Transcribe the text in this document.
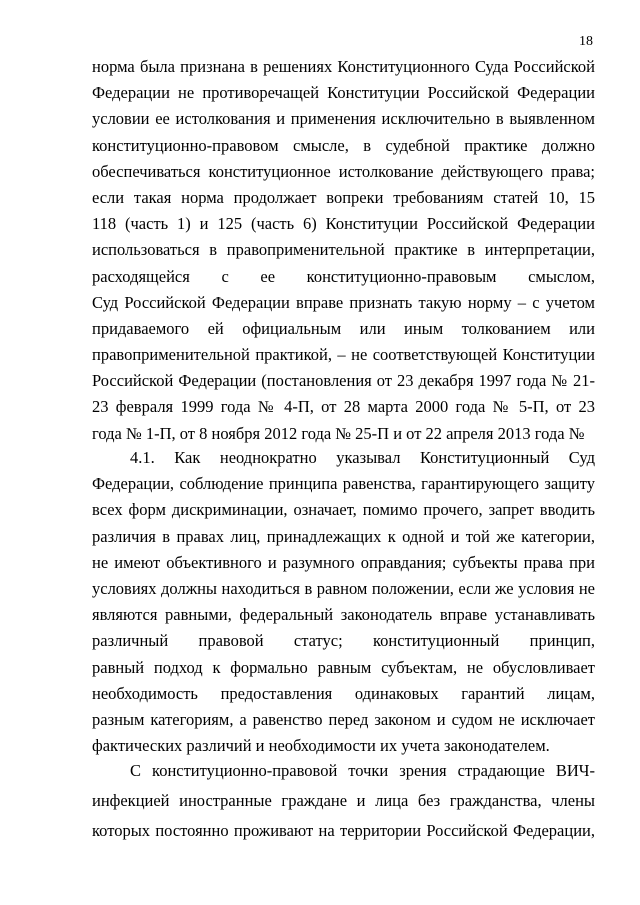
18
норма была признана в решениях Конституционного Суда Российской
Федерации не противоречащей Конституции Российской Федерации
условии ее истолкования и применения исключительно в выявленном
конституционно-правовом смысле, в судебной практике должно
обеспечиваться конституционное истолкование действующего права;
если такая норма продолжает вопреки требованиям статей 10, 15
118 (часть 1) и 125 (часть 6) Конституции Российской Федерации
использоваться в правоприменительной практике в интерпретации,
расходящейся с ее конституционно-правовым смыслом,
Суд Российской Федерации вправе признать такую норму – с учетом
придаваемого ей официальным или иным толкованием или
правоприменительной практикой, – не соответствующей Конституции
Российской Федерации (постановления от 23 декабря 1997 года № 21-
23 февраля 1999 года № 4-П, от 28 марта 2000 года № 5-П, от 23
года № 1-П, от 8 ноября 2012 года № 25-П и от 22 апреля 2013 года №
4.1. Как неоднократно указывал Конституционный Суд
Федерации, соблюдение принципа равенства, гарантирующего защиту
всех форм дискриминации, означает, помимо прочего, запрет вводить
различия в правах лиц, принадлежащих к одной и той же категории,
не имеют объективного и разумного оправдания; субъекты права при
условиях должны находиться в равном положении, если же условия не
являются равными, федеральный законодатель вправе устанавливать
различный правовой статус; конституционный принцип,
равный подход к формально равным субъектам, не обусловливает
необходимость предоставления одинаковых гарантий лицам,
разным категориям, а равенство перед законом и судом не исключает
фактических различий и необходимости их учета законодателем.
С конституционно-правовой точки зрения страдающие ВИЧ-
инфекцией иностранные граждане и лица без гражданства, члены
которых постоянно проживают на территории Российской Федерации,
